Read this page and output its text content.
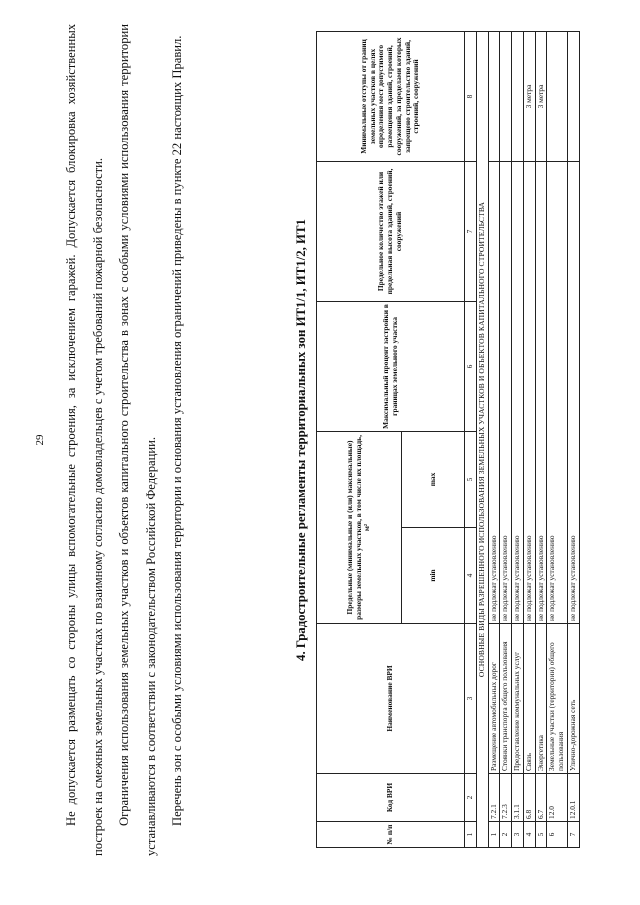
29	Не допускается размещать со стороны улицы вспомогательные строения, за исключением гаражей. Допускается блокировка хозяйственных построек на смежных земельных участках по взаимному согласию домовладельцев с учетом требований пожарной безопасности. Ограничения использования земельных участков и объектов капитального строительства в зонах с особыми условиями использования территории устанавливаются в соответствии с законодательством Российской Федерации. Перечень зон с особыми условиями использования территории и основания установления ограничений приведены в пункте 22 настоящих Правил.	4. Градостроительные регламенты территориальных зон ИТ1/1, ИТ1/2, ИТ1
№ п/п	Код ВРИ	Наименование ВРИ	Предельные (минимальные и (или) максимальные) размеры земельных участков, в том числе их площадь, м²		Максимальный процент застройки в границах земельного участка	Предельное количество этажей или предельная высота зданий, строений, сооружений	Минимальные отступы от границ земельных участков в целях определения мест допустимого размещения зданий, строений, сооружений, за пределами которых запрещено строительство зданий, строений, сооружений
			min	max			
1	2	3	4	5	6	7	8
ОСНОВНЫЕ ВИДЫ РАЗРЕШЕННОГО ИСПОЛЬЗОВАНИЯ ЗЕМЕЛЬНЫХ УЧАСТКОВ И ОБЪЕКТОВ КАПИТАЛЬНОГО СТРОИТЕЛЬСТВА							
1	7.2.1	Размещение автомобильных дорог	не подлежат установлению				
2	7.2.3	Стоянки транспорта общего пользования	не подлежат установлению				
3	3.1.1	Предоставление коммунальных услуг	не подлежат установлению				
4	6.8	Связь	не подлежат установлению				3 метра
5	6.7	Энергетика	не подлежат установлению				3 метра
6	12.0	Земельные участки (территории) общего пользования	не подлежат установлению				
7	12.0.1	Улично-дорожная сеть	не подлежат установлению				
